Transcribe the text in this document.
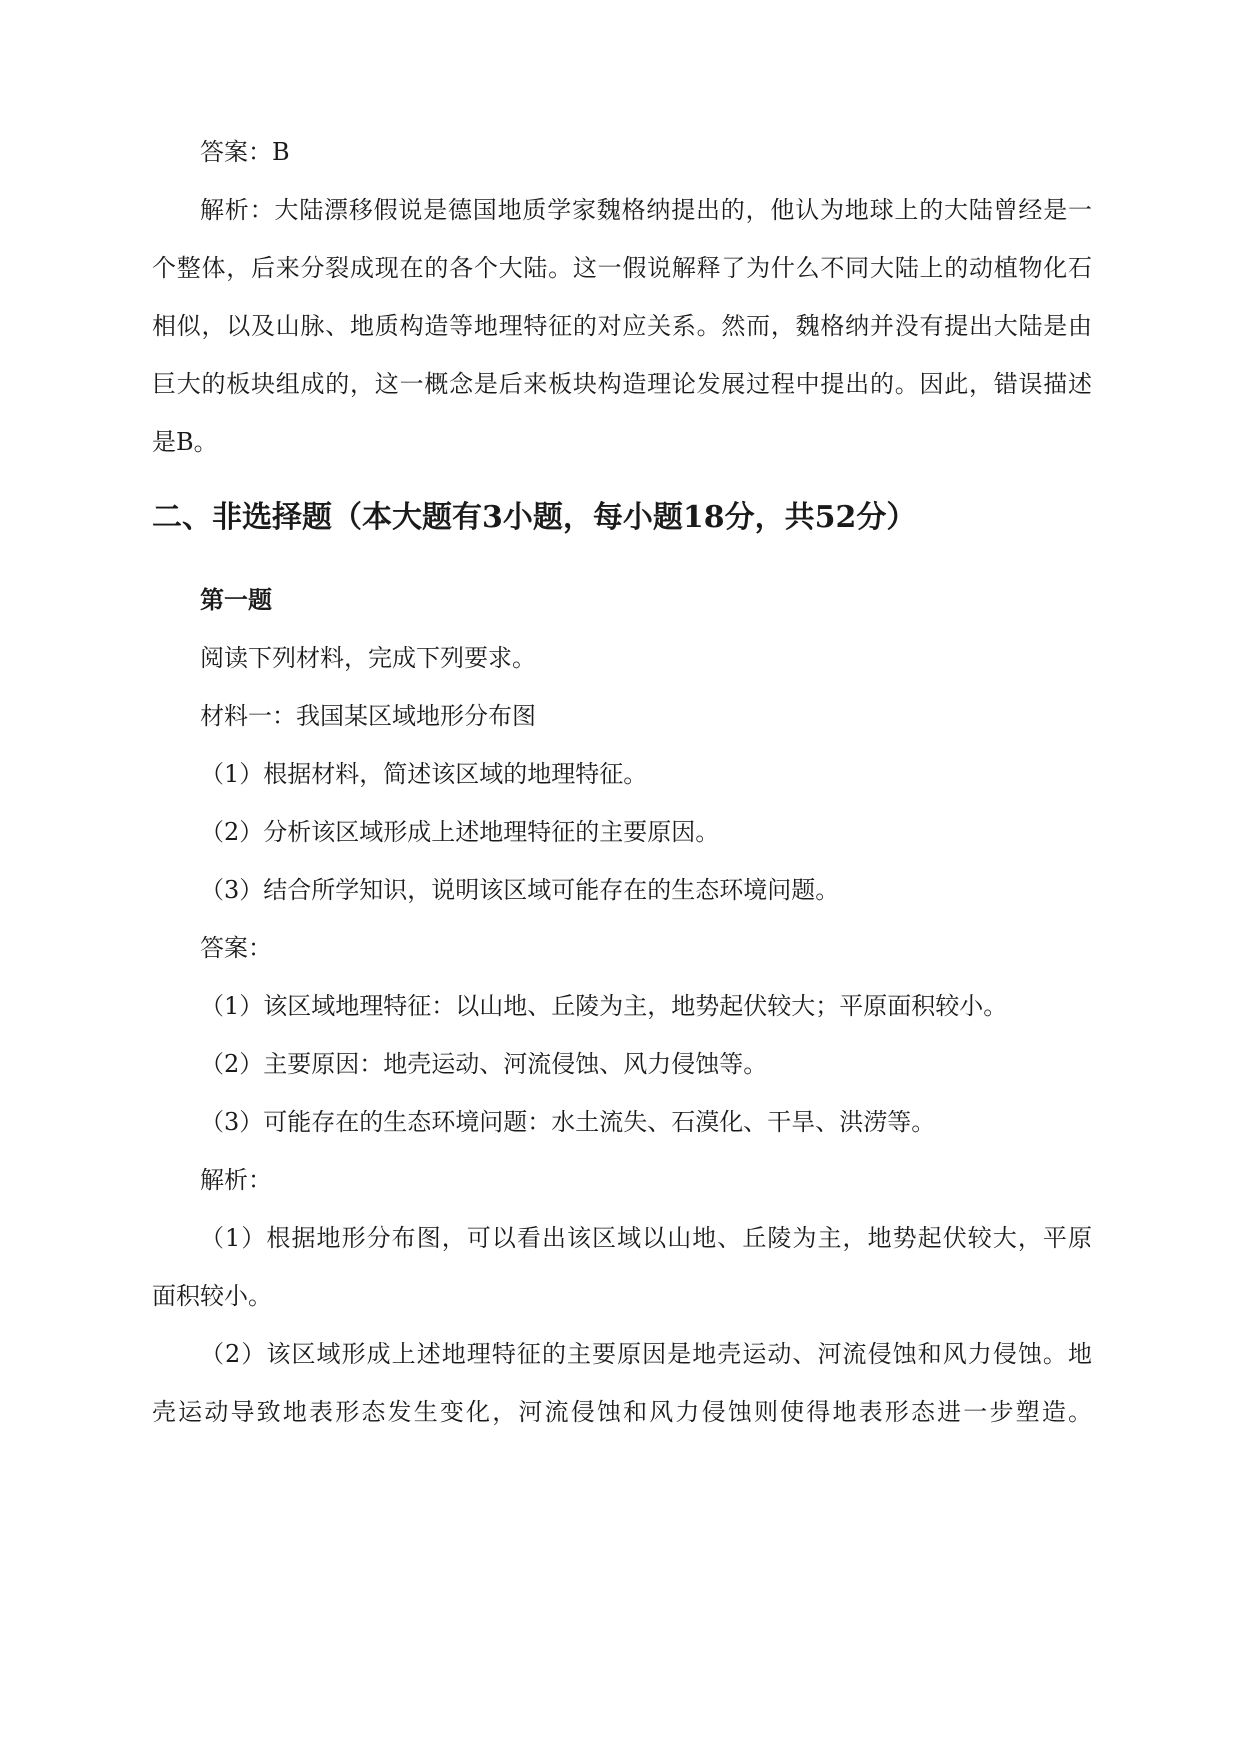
答案：B
解析：大陆漂移假说是德国地质学家魏格纳提出的，他认为地球上的大陆曾经是一
个整体，后来分裂成现在的各个大陆。这一假说解释了为什么不同大陆上的动植物化石
相似，以及山脉、地质构造等地理特征的对应关系。然而，魏格纳并没有提出大陆是由
巨大的板块组成的，这一概念是后来板块构造理论发展过程中提出的。因此，错误描述
是B。
二、非选择题（本大题有3小题，每小题18分，共52分）
第一题
阅读下列材料，完成下列要求。
材料一：我国某区域地形分布图
（1）根据材料，简述该区域的地理特征。
（2）分析该区域形成上述地理特征的主要原因。
（3）结合所学知识，说明该区域可能存在的生态环境问题。
答案：
（1）该区域地理特征：以山地、丘陵为主，地势起伏较大；平原面积较小。
（2）主要原因：地壳运动、河流侵蚀、风力侵蚀等。
（3）可能存在的生态环境问题：水土流失、石漠化、干旱、洪涝等。
解析：
（1）根据地形分布图，可以看出该区域以山地、丘陵为主，地势起伏较大，平原
面积较小。
（2）该区域形成上述地理特征的主要原因是地壳运动、河流侵蚀和风力侵蚀。地
壳运动导致地表形态发生变化，河流侵蚀和风力侵蚀则使得地表形态进一步塑造。
